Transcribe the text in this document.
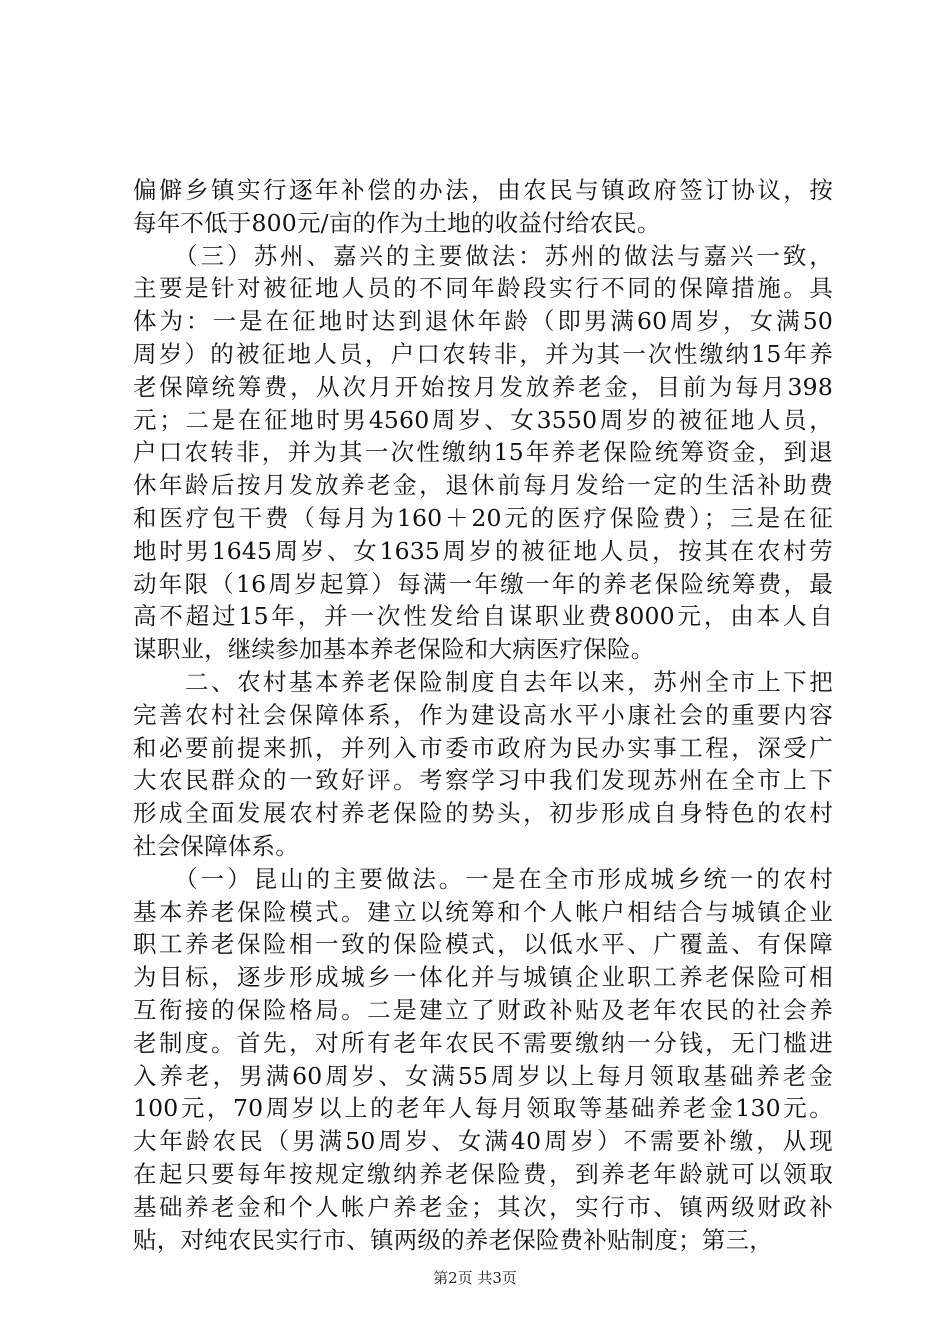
偏僻乡镇实行逐年补偿的办法，由农民与镇政府签订协议，按
每年不低于800元/亩的作为土地的收益付给农民。
　　（三）苏州、嘉兴的主要做法：苏州的做法与嘉兴一致，
主要是针对被征地人员的不同年龄段实行不同的保障措施。具
体为：一是在征地时达到退休年龄（即男满60周岁，女满50
周岁）的被征地人员，户口农转非，并为其一次性缴纳15年养
老保障统筹费，从次月开始按月发放养老金，目前为每月398
元；二是在征地时男4560周岁、女3550周岁的被征地人员，
户口农转非，并为其一次性缴纳15年养老保险统筹资金，到退
休年龄后按月发放养老金，退休前每月发给一定的生活补助费
和医疗包干费（每月为160＋20元的医疗保险费）；三是在征
地时男1645周岁、女1635周岁的被征地人员，按其在农村劳
动年限（16周岁起算）每满一年缴一年的养老保险统筹费，最
高不超过15年，并一次性发给自谋职业费8000元，由本人自
谋职业，继续参加基本养老保险和大病医疗保险。
　　二、农村基本养老保险制度自去年以来，苏州全市上下把
完善农村社会保障体系，作为建设高水平小康社会的重要内容
和必要前提来抓，并列入市委市政府为民办实事工程，深受广
大农民群众的一致好评。考察学习中我们发现苏州在全市上下
形成全面发展农村养老保险的势头，初步形成自身特色的农村
社会保障体系。
　　（一）昆山的主要做法。一是在全市形成城乡统一的农村
基本养老保险模式。建立以统筹和个人帐户相结合与城镇企业
职工养老保险相一致的保险模式，以低水平、广覆盖、有保障
为目标，逐步形成城乡一体化并与城镇企业职工养老保险可相
互衔接的保险格局。二是建立了财政补贴及老年农民的社会养
老制度。首先，对所有老年农民不需要缴纳一分钱，无门槛进
入养老，男满60周岁、女满55周岁以上每月领取基础养老金
100元，70周岁以上的老年人每月领取等基础养老金130元。
大年龄农民（男满50周岁、女满40周岁）不需要补缴，从现
在起只要每年按规定缴纳养老保险费，到养老年龄就可以领取
基础养老金和个人帐户养老金；其次，实行市、镇两级财政补
贴，对纯农民实行市、镇两级的养老保险费补贴制度；第三，
第2页 共3页
